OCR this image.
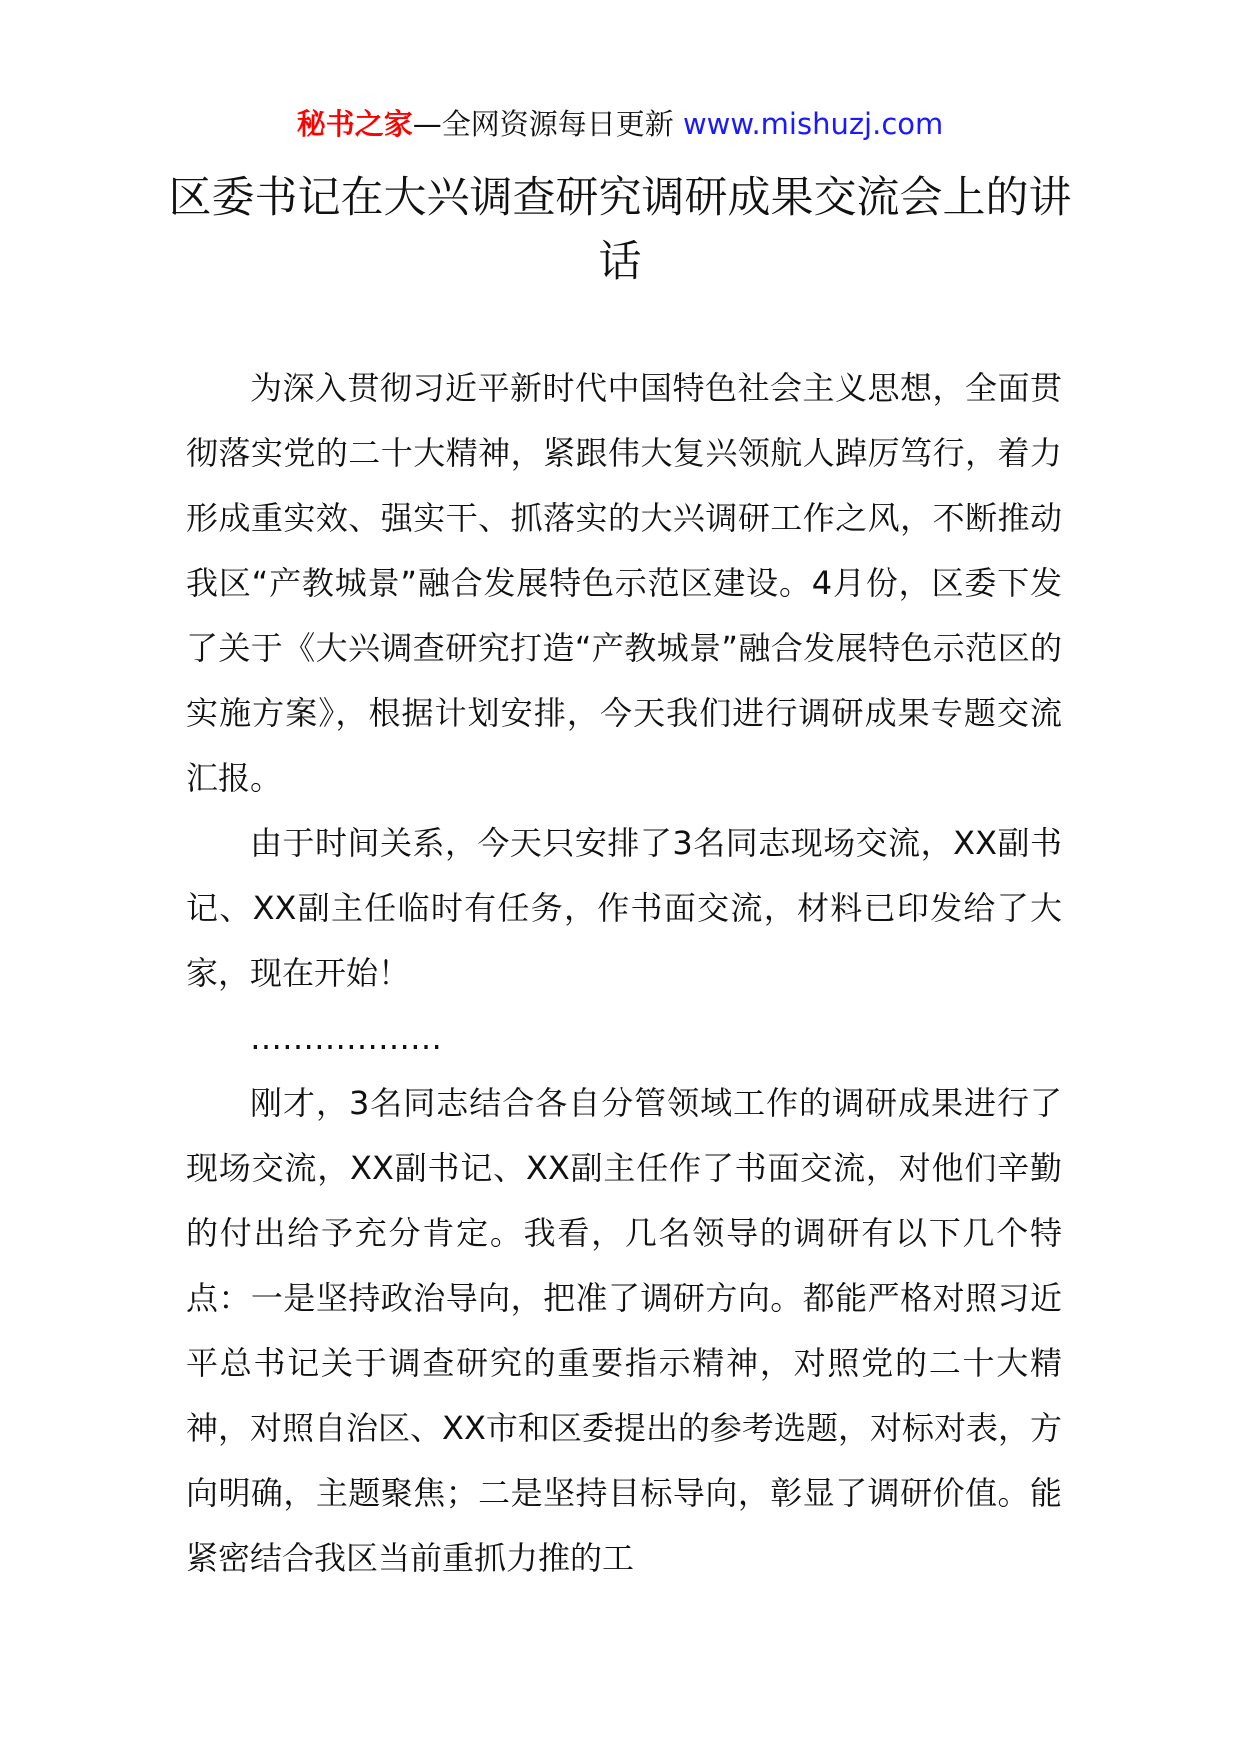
秘书之家—全网资源每日更新 www.mishuzj.com
区委书记在大兴调查研究调研成果交流会上的讲话

为深入贯彻习近平新时代中国特色社会主义思想，全面贯彻落实党的二十大精神，紧跟伟大复兴领航人踔厉笃行，着力形成重实效、强实干、抓落实的大兴调研工作之风，不断推动我区“产教城景”融合发展特色示范区建设。4月份，区委下发了关于《大兴调查研究打造“产教城景”融合发展特色示范区的实施方案》，根据计划安排，今天我们进行调研成果专题交流汇报。

由于时间关系，今天只安排了3名同志现场交流，XX副书记、XX副主任临时有任务，作书面交流，材料已印发给了大家，现在开始！

………………

刚才，3名同志结合各自分管领域工作的调研成果进行了现场交流，XX副书记、XX副主任作了书面交流，对他们辛勤的付出给予充分肯定。我看，几名领导的调研有以下几个特点：一是坚持政治导向，把准了调研方向。都能严格对照习近平总书记关于调查研究的重要指示精神，对照党的二十大精神，对照自治区、XX市和区委提出的参考选题，对标对表，方向明确，主题聚焦；二是坚持目标导向，彰显了调研价值。能紧密结合我区当前重抓力推的工
